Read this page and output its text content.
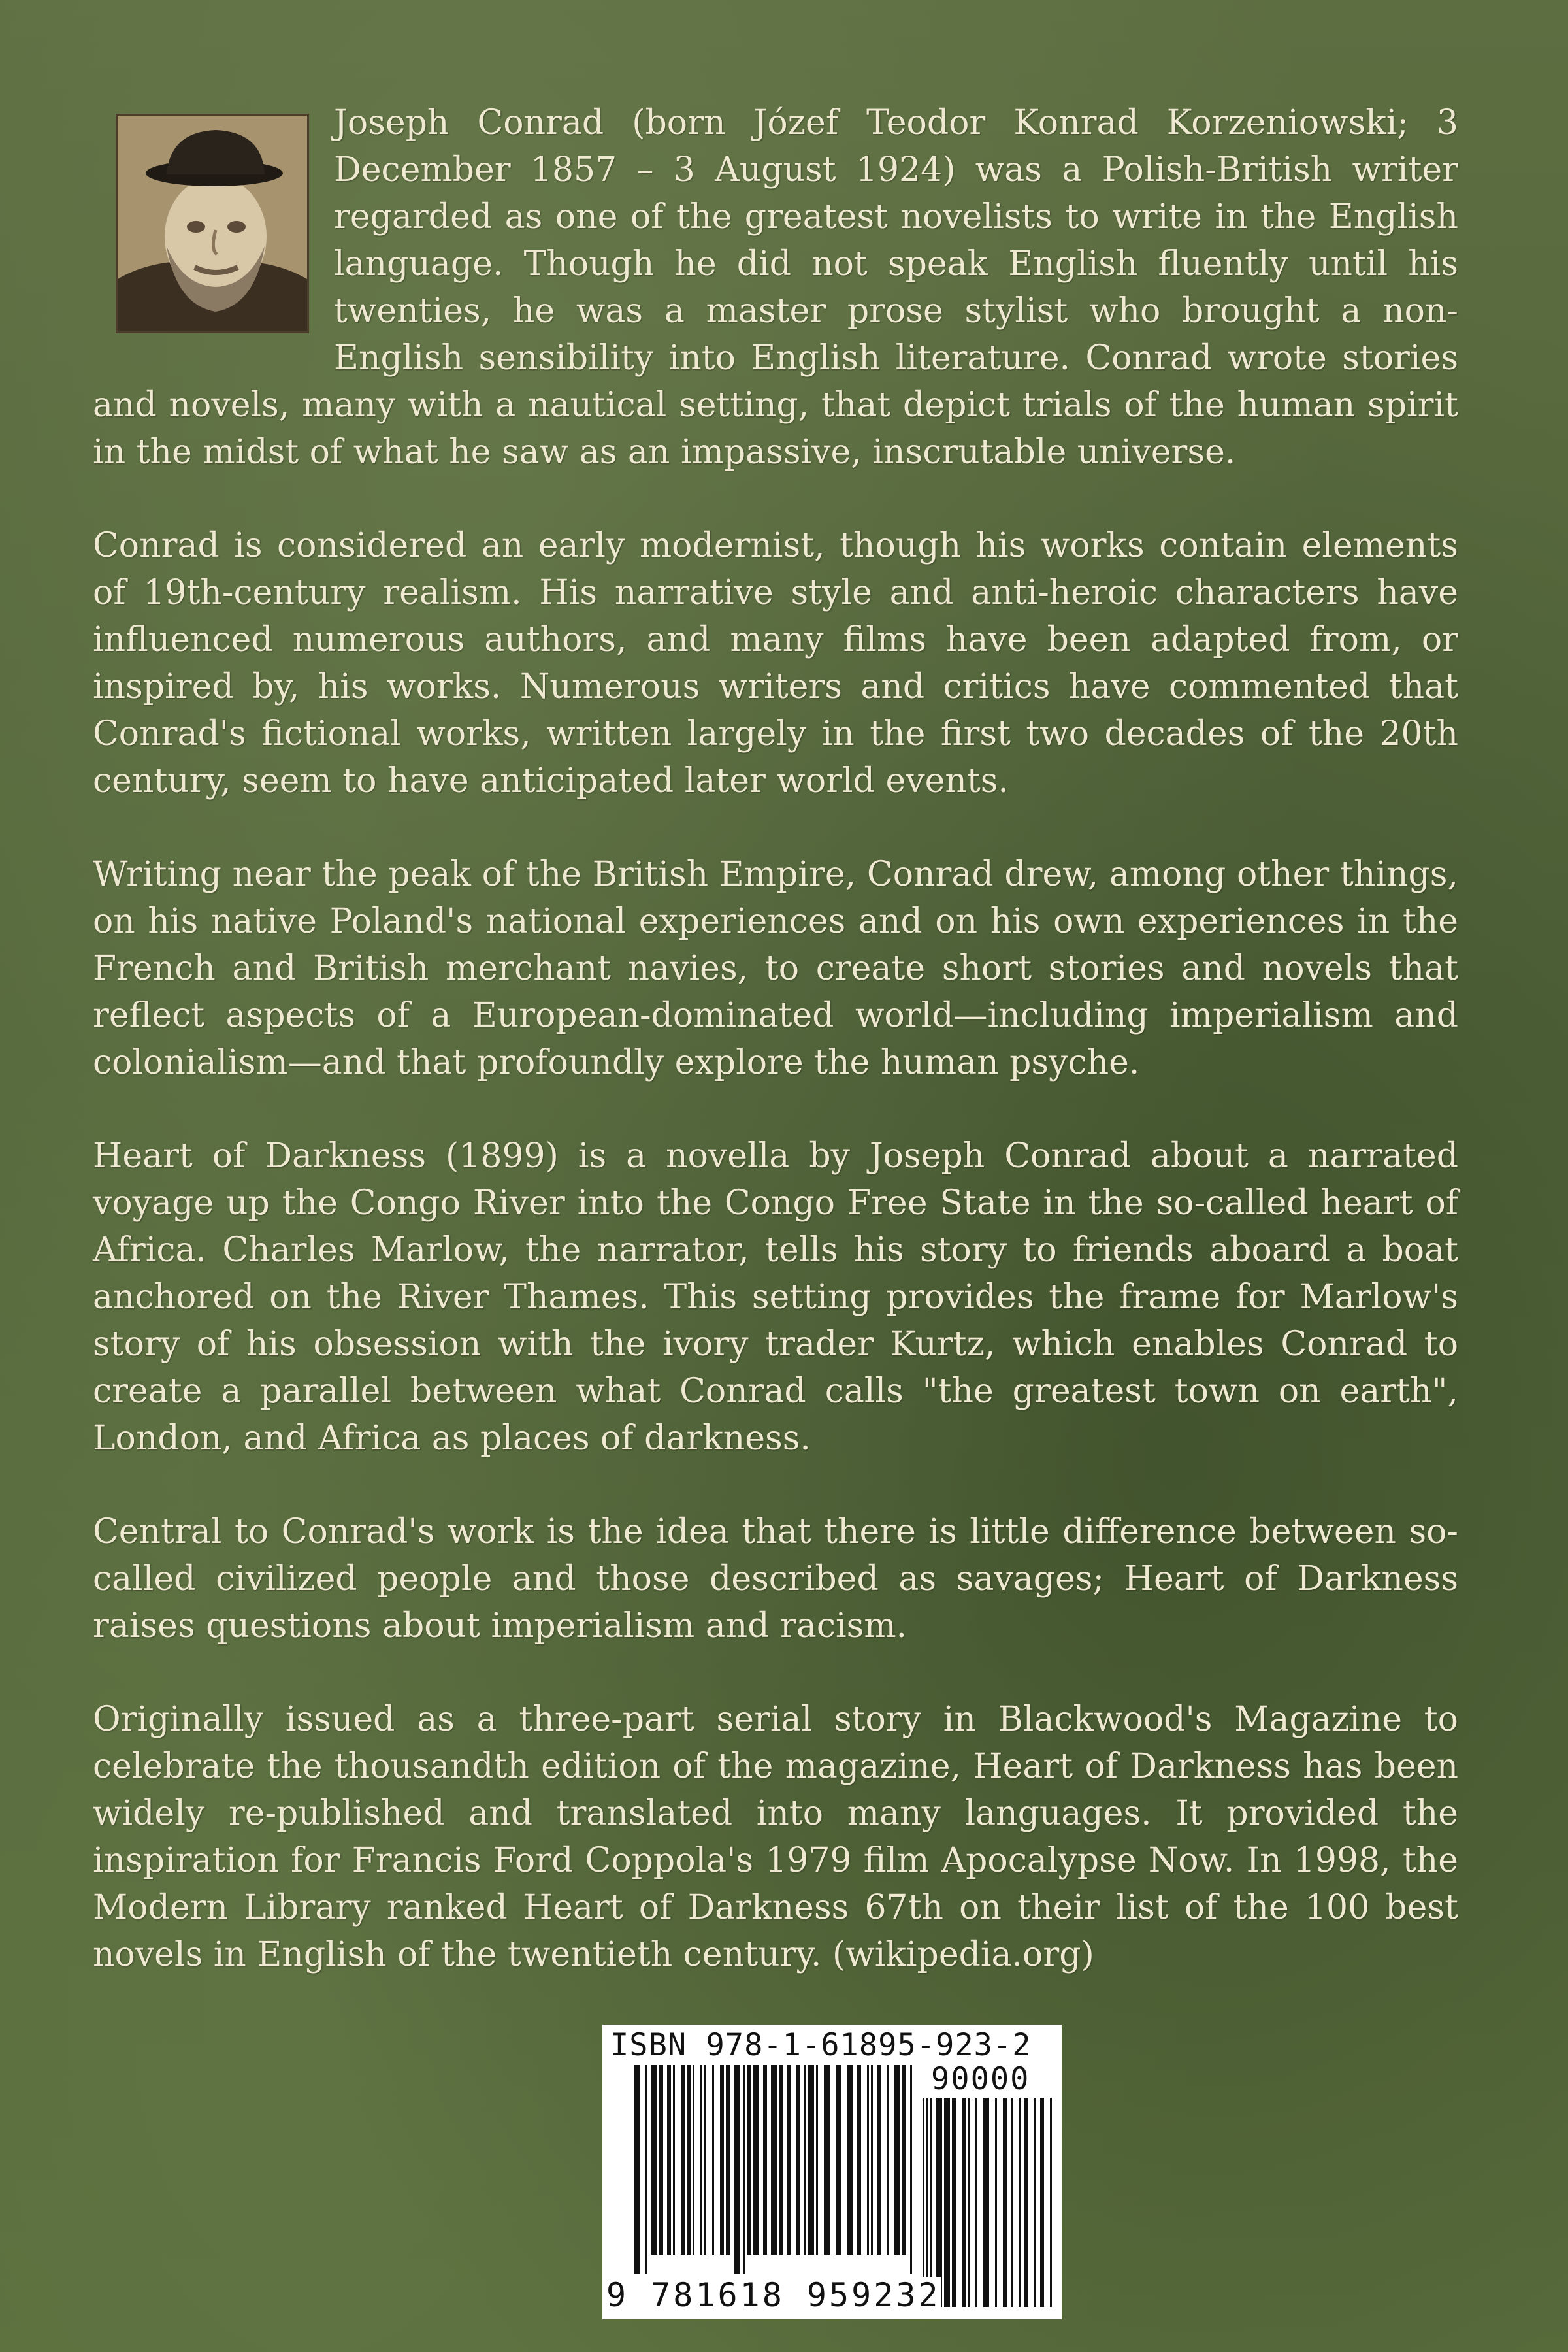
Joseph Conrad (born Józef Teodor Konrad Korzeniowski; 3 December 1857 – 3 August 1924) was a Polish-British writer regarded as one of the greatest novelists to write in the English language. Though he did not speak English fluently until his twenties, he was a master prose stylist who brought a non-English sensibility into English literature. Conrad wrote stories and novels, many with a nautical setting, that depict trials of the human spirit in the midst of what he saw as an impassive, inscrutable universe.

Conrad is considered an early modernist, though his works contain elements of 19th-century realism. His narrative style and anti-heroic characters have influenced numerous authors, and many films have been adapted from, or inspired by, his works. Numerous writers and critics have commented that Conrad's fictional works, written largely in the first two decades of the 20th century, seem to have anticipated later world events.

Writing near the peak of the British Empire, Conrad drew, among other things, on his native Poland's national experiences and on his own experiences in the French and British merchant navies, to create short stories and novels that reflect aspects of a European-dominated world—including imperialism and colonialism—and that profoundly explore the human psyche.

Heart of Darkness (1899) is a novella by Joseph Conrad about a narrated voyage up the Congo River into the Congo Free State in the so-called heart of Africa. Charles Marlow, the narrator, tells his story to friends aboard a boat anchored on the River Thames. This setting provides the frame for Marlow's story of his obsession with the ivory trader Kurtz, which enables Conrad to create a parallel between what Conrad calls "the greatest town on earth", London, and Africa as places of darkness.

Central to Conrad's work is the idea that there is little difference between so-called civilized people and those described as savages; Heart of Darkness raises questions about imperialism and racism.

Originally issued as a three-part serial story in Blackwood's Magazine to celebrate the thousandth edition of the magazine, Heart of Darkness has been widely re-published and translated into many languages. It provided the inspiration for Francis Ford Coppola's 1979 film Apocalypse Now. In 1998, the Modern Library ranked Heart of Darkness 67th on their list of the 100 best novels in English of the twentieth century. (wikipedia.org)

ISBN 978-1-61895-923-2
90000
9 781618 959232
